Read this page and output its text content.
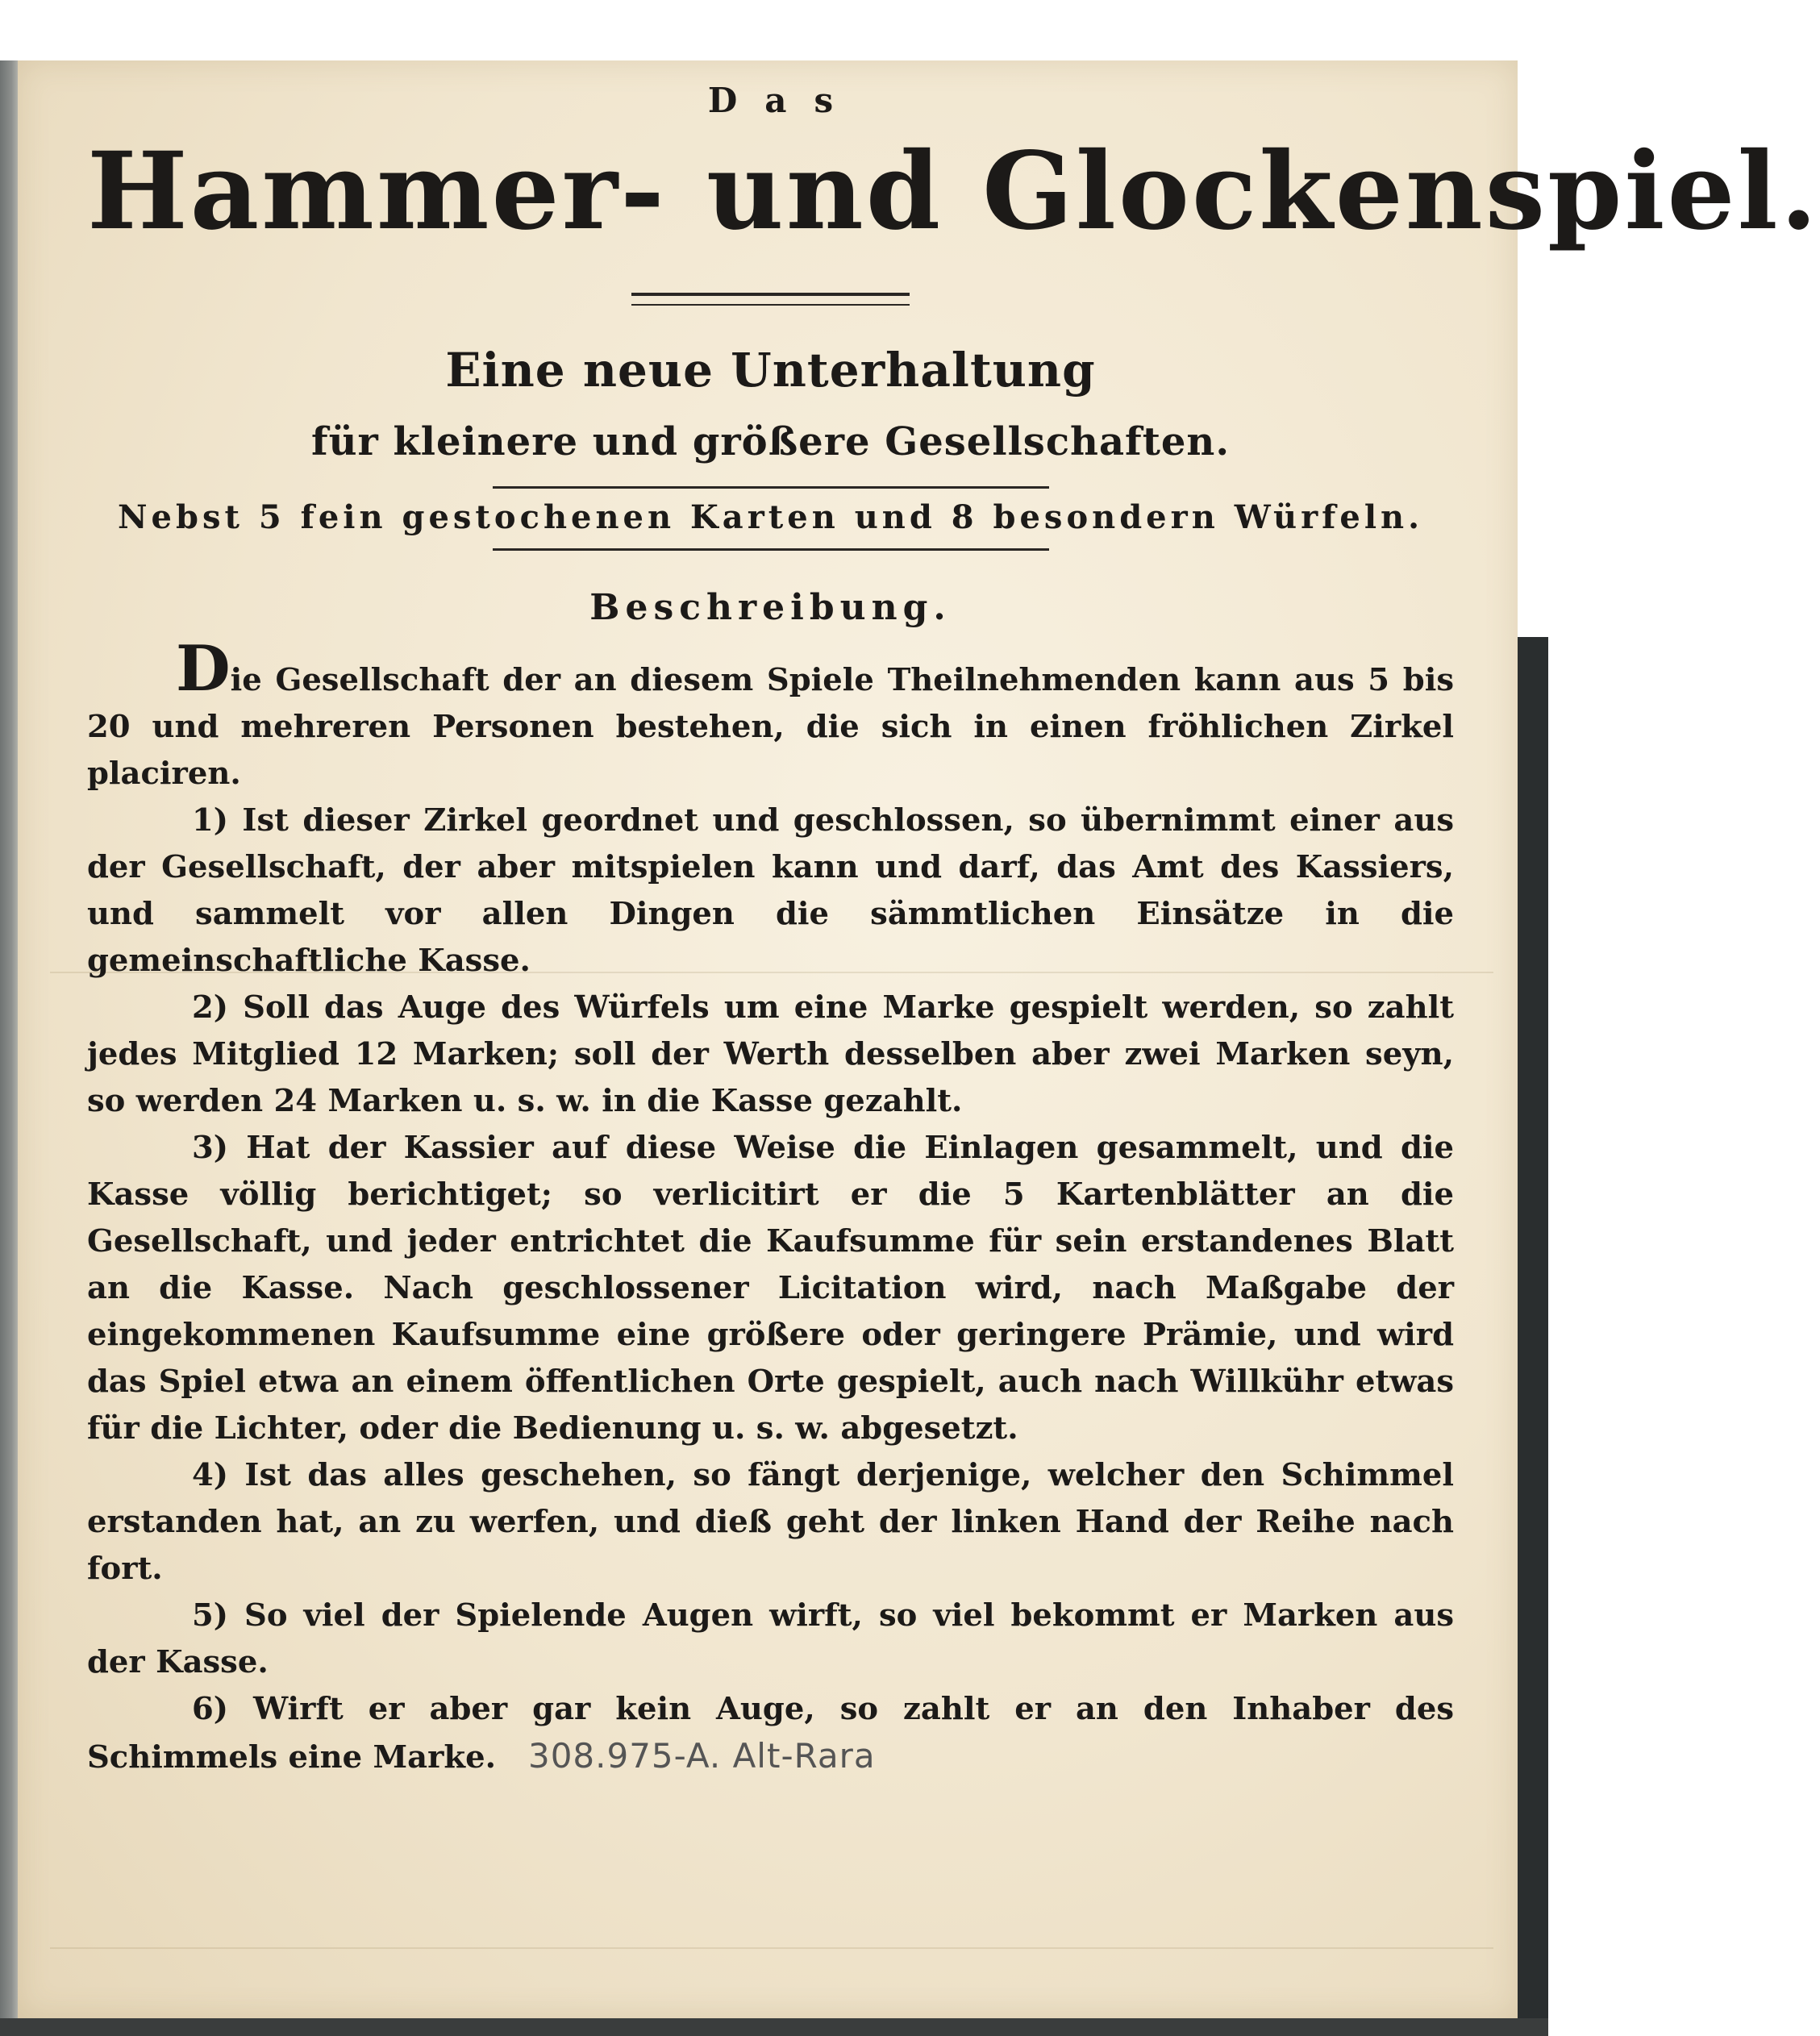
Das
Hammer- und Glockenspiel.
Eine neue Unterhaltung
für kleinere und größere Gesellschaften.
Nebst 5 fein gestochenen Karten und 8 besondern Würfeln.
Beschreibung.

Die Gesellschaft der an diesem Spiele Theilnehmenden kann aus 5 bis 20 und mehreren Personen bestehen, die sich in einen fröhlichen Zirkel placiren.

1) Ist dieser Zirkel geordnet und geschlossen, so übernimmt einer aus der Gesellschaft, der aber mitspielen kann und darf, das Amt des Kassiers, und sammelt vor allen Dingen die sämmtlichen Einsätze in die gemeinschaftliche Kasse.

2) Soll das Auge des Würfels um eine Marke gespielt werden, so zahlt jedes Mitglied 12 Marken; soll der Werth desselben aber zwei Marken seyn, so werden 24 Marken u. s. w. in die Kasse gezahlt.

3) Hat der Kassier auf diese Weise die Einlagen gesammelt, und die Kasse völlig berichtiget; so verlicitirt er die 5 Kartenblätter an die Gesellschaft, und jeder entrichtet die Kaufsumme für sein erstandenes Blatt an die Kasse. Nach geschlossener Licitation wird, nach Maßgabe der eingekommenen Kaufsumme eine größere oder geringere Prämie, und wird das Spiel etwa an einem öffentlichen Orte gespielt, auch nach Willkühr etwas für die Lichter, oder die Bedienung u. s. w. abgesetzt.

4) Ist das alles geschehen, so fängt derjenige, welcher den Schimmel erstanden hat, an zu werfen, und dieß geht der linken Hand der Reihe nach fort.

5) So viel der Spielende Augen wirft, so viel bekommt er Marken aus der Kasse.

6) Wirft er aber gar kein Auge, so zahlt er an den Inhaber des Schimmels eine Marke. 308.975-A. Alt-Rara
